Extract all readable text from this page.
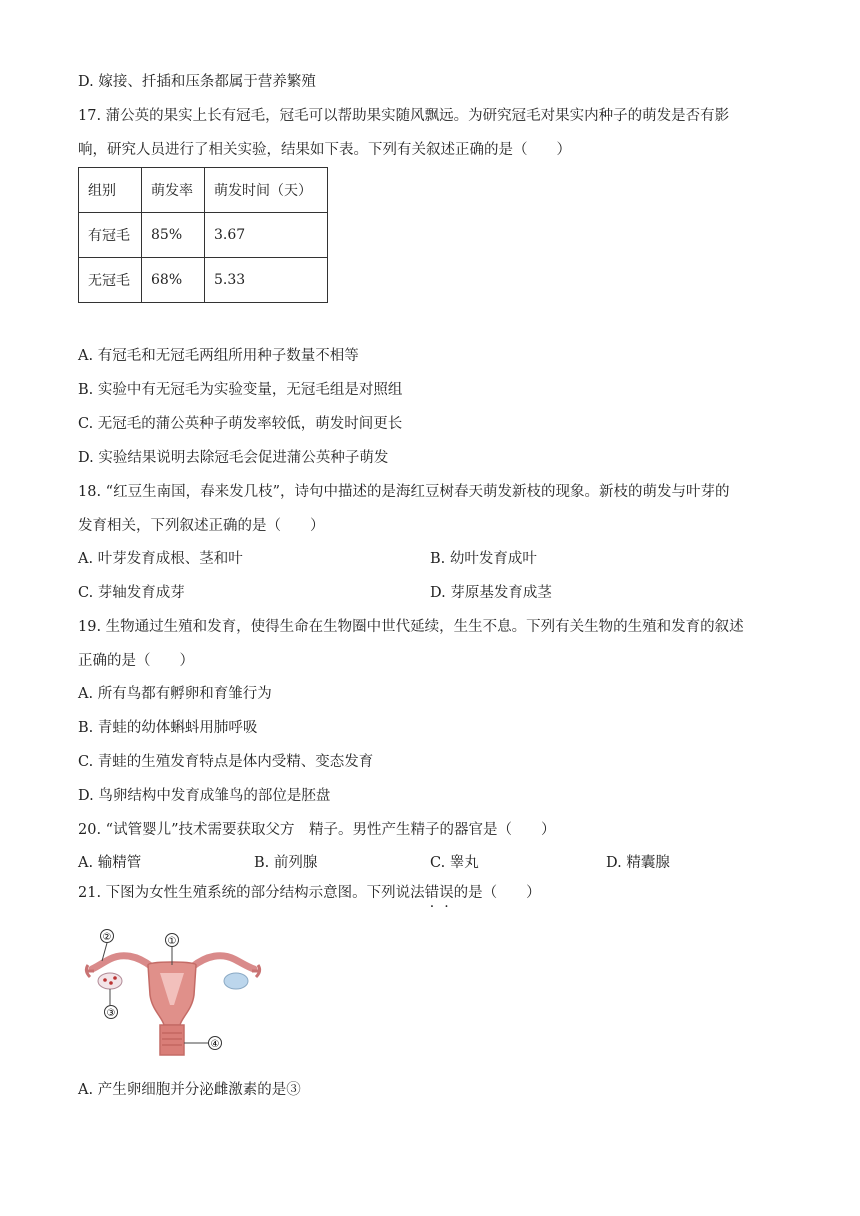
D. 嫁接、扦插和压条都属于营养繁殖
17. 蒲公英的果实上长有冠毛，冠毛可以帮助果实随风飘远。为研究冠毛对果实内种子的萌发是否有影
响，研究人员进行了相关实验，结果如下表。下列有关叙述正确的是（　　）
组别	萌发率	萌发时间（天）
有冠毛	85%	3.67
无冠毛	68%	5.33
A. 有冠毛和无冠毛两组所用种子数量不相等
B. 实验中有无冠毛为实验变量，无冠毛组是对照组
C. 无冠毛的蒲公英种子萌发率较低，萌发时间更长
D. 实验结果说明去除冠毛会促进蒲公英种子萌发
18. “红豆生南国，春来发几枝”，诗句中描述的是海红豆树春天萌发新枝的现象。新枝的萌发与叶芽的
发育相关，下列叙述正确的是（　　）
A. 叶芽发育成根、茎和叶	B. 幼叶发育成叶
C. 芽轴发育成芽	D. 芽原基发育成茎
19. 生物通过生殖和发育，使得生命在生物圈中世代延续，生生不息。下列有关生物的生殖和发育的叙述
正确的是（　　）
A. 所有鸟都有孵卵和育雏行为
B. 青蛙的幼体蝌蚪用肺呼吸
C. 青蛙的生殖发育特点是体内受精、变态发育
D. 鸟卵结构中发育成雏鸟的部位是胚盘
20. “试管婴儿”技术需要获取父方　精子。男性产生精子的器官是（　　）
A. 输精管	B. 前列腺	C. 睾丸	D. 精囊腺
21. 下图为女性生殖系统的部分结构示意图。下列说法错误的是（　　）
①
②
③
④
A. 产生卵细胞并分泌雌激素的是③
